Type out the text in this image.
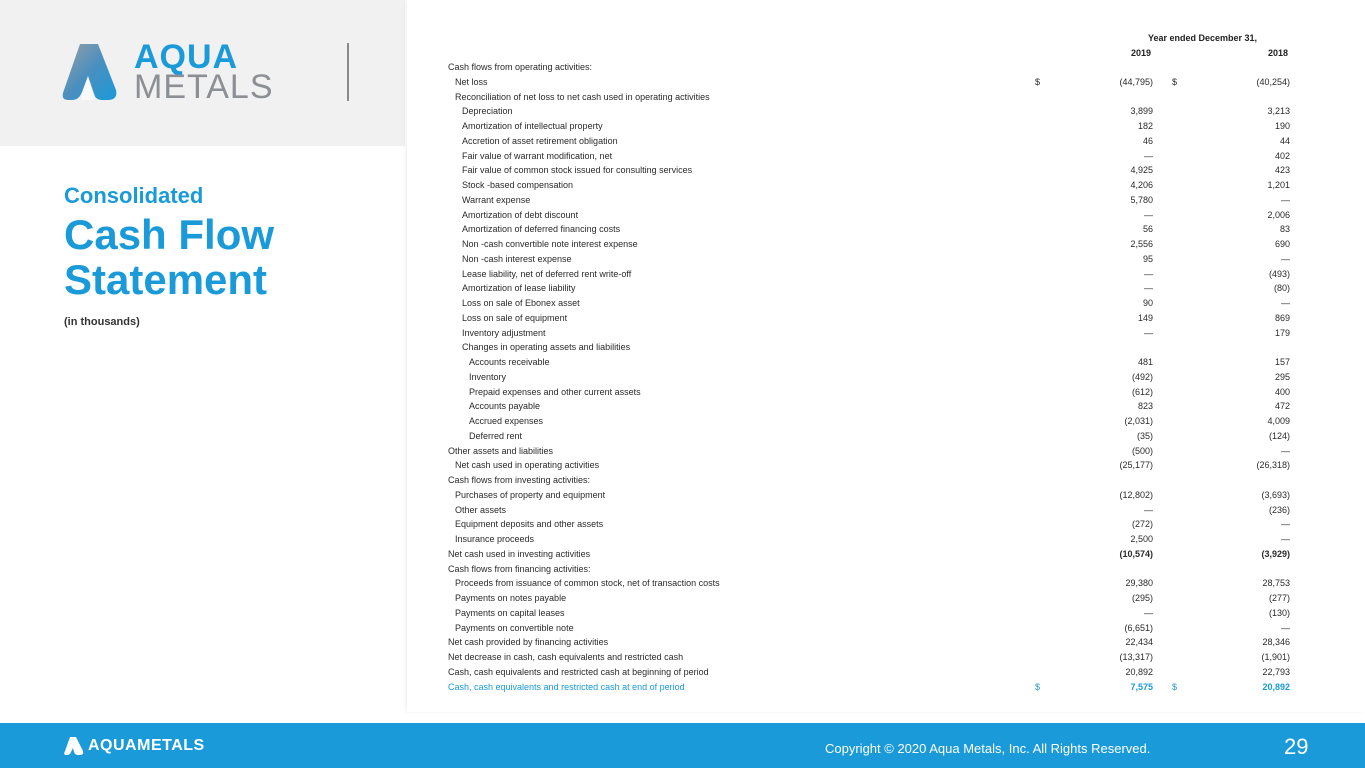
AQUA
METALS
Consolidated
Cash Flow
Statement
(in thousands)
Year ended December 31,
2019	2018
Cash flows from operating activities:
Net loss	$	(44,795) $	(40,254)
Reconciliation of net loss to net cash used in operating activities
Depreciation	3,899	3,213
Amortization of intellectual property	182	190
Accretion of asset retirement obligation	46	44
Fair value of warrant modification, net	—	402
Fair value of common stock issued for consulting services	4,925	423
Stock -based compensation	4,206	1,201
Warrant expense	5,780	—
Amortization of debt discount	—	2,006
Amortization of deferred financing costs	56	83
Non -cash convertible note interest expense	2,556	690
Non -cash interest expense	95	—
Lease liability, net of deferred rent write-off	—	(493)
Amortization of lease liability	—	(80)
Loss on sale of Ebonex asset	90	—
Loss on sale of equipment	149	869
Inventory adjustment	—	179
Changes in operating assets and liabilities
Accounts receivable	481	157
Inventory	(492)	295
Prepaid expenses and other current assets	(612)	400
Accounts payable	823	472
Accrued expenses	(2,031)	4,009
Deferred rent	(35)	(124)
Other assets and liabilities	(500)	—
Net cash used in operating activities	(25,177)	(26,318)
Cash flows from investing activities:
Purchases of property and equipment	(12,802)	(3,693)
Other assets	—	(236)
Equipment deposits and other assets	(272)	—
Insurance proceeds	2,500	—
Net cash used in investing activities	(10,574)	(3,929)
Cash flows from financing activities:
Proceeds from issuance of common stock, net of transaction costs	29,380	28,753
Payments on notes payable	(295)	(277)
Payments on capital leases	—	(130)
Payments on convertible note	(6,651)	—
Net cash provided by financing activities	22,434	28,346
Net decrease in cash, cash equivalents and restricted cash	(13,317)	(1,901)
Cash, cash equivalents and restricted cash at beginning of period	20,892	22,793
Cash, cash equivalents and restricted cash at end of period	$	7,575 $	20,892
AQUAMETALS	Copyright © 2020 Aqua Metals, Inc. All Rights Reserved.	29
